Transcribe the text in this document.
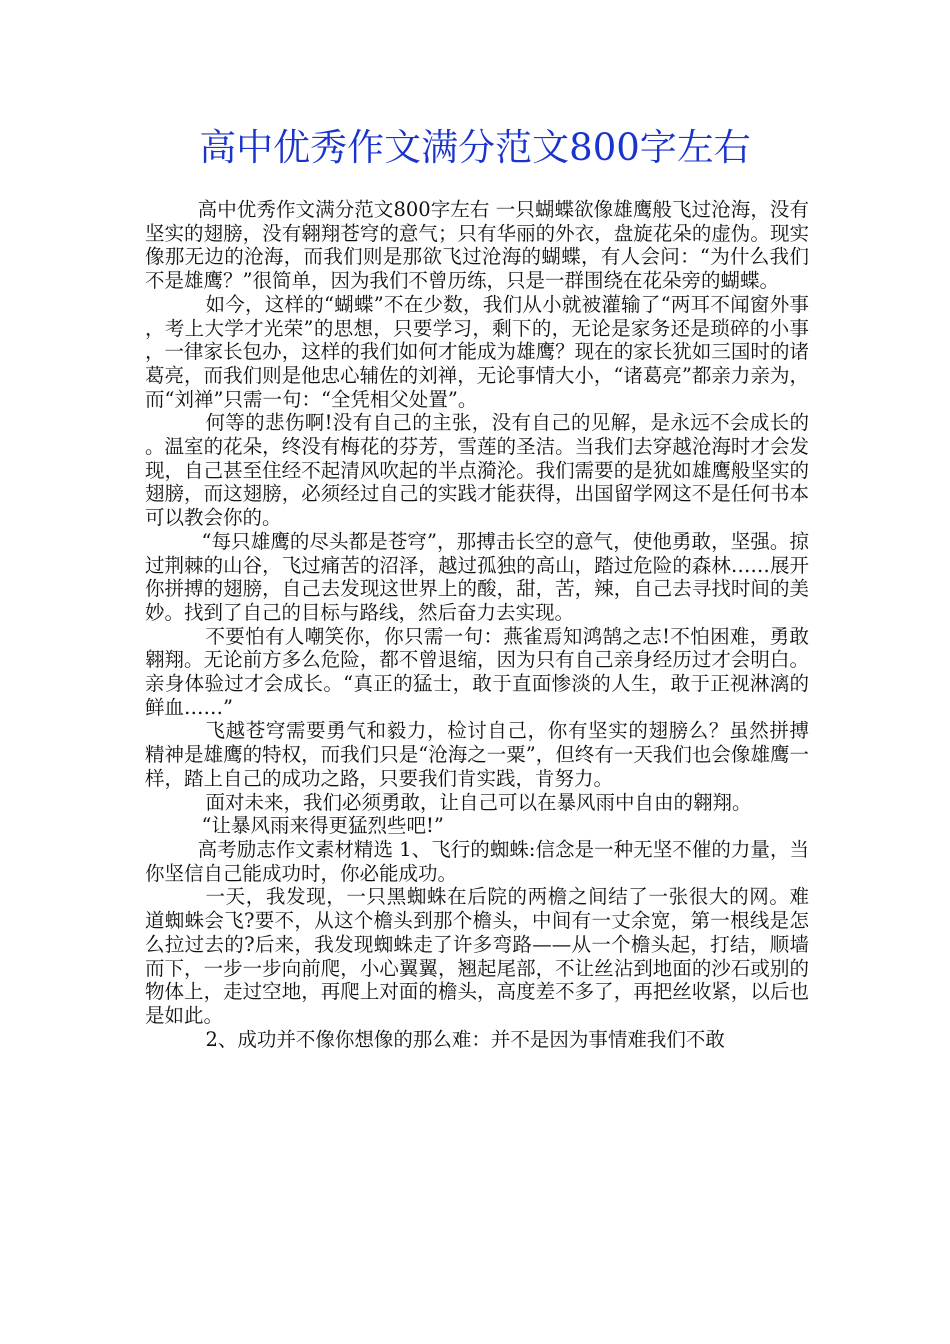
高中优秀作文满分范文800字左右

高中优秀作文满分范文800字左右 一只蝴蝶欲像雄鹰般飞过沧海，没有坚实的翅膀，没有翱翔苍穹的意气；只有华丽的外衣，盘旋花朵的虚伪。现实像那无边的沧海，而我们则是那欲飞过沧海的蝴蝶，有人会问：“为什么我们不是雄鹰？”很简单，因为我们不曾历练，只是一群围绕在花朵旁的蝴蝶。

如今，这样的“蝴蝶”不在少数，我们从小就被灌输了“两耳不闻窗外事，考上大学才光荣”的思想，只要学习，剩下的，无论是家务还是琐碎的小事，一律家长包办，这样的我们如何才能成为雄鹰？现在的家长犹如三国时的诸葛亮，而我们则是他忠心辅佐的刘禅，无论事情大小，“诸葛亮”都亲力亲为，而“刘禅”只需一句：“全凭相父处置”。

何等的悲伤啊!没有自己的主张，没有自己的见解，是永远不会成长的。温室的花朵，终没有梅花的芬芳，雪莲的圣洁。当我们去穿越沧海时才会发现，自己甚至住经不起清风吹起的半点漪沦。我们需要的是犹如雄鹰般坚实的翅膀，而这翅膀，必须经过自己的实践才能获得，出国留学网这不是任何书本可以教会你的。

“每只雄鹰的尽头都是苍穹”，那搏击长空的意气，使他勇敢，坚强。掠过荆棘的山谷，飞过痛苦的沼泽，越过孤独的高山，踏过危险的森林……展开你拼搏的翅膀，自己去发现这世界上的酸，甜，苦，辣，自己去寻找时间的美妙。找到了自己的目标与路线，然后奋力去实现。

不要怕有人嘲笑你，你只需一句：燕雀焉知鸿鹄之志!不怕困难，勇敢翱翔。无论前方多么危险，都不曾退缩，因为只有自己亲身经历过才会明白。亲身体验过才会成长。“真正的猛士，敢于直面惨淡的人生，敢于正视淋漓的鲜血……”

飞越苍穹需要勇气和毅力，检讨自己，你有坚实的翅膀么？虽然拼搏精神是雄鹰的特权，而我们只是“沧海之一粟”，但终有一天我们也会像雄鹰一样，踏上自己的成功之路，只要我们肯实践，肯努力。

面对未来，我们必须勇敢，让自己可以在暴风雨中自由的翱翔。

“让暴风雨来得更猛烈些吧!”

高考励志作文素材精选 1、飞行的蜘蛛:信念是一种无坚不催的力量，当你坚信自己能成功时，你必能成功。

一天，我发现，一只黑蜘蛛在后院的两檐之间结了一张很大的网。难道蜘蛛会飞?要不，从这个檐头到那个檐头，中间有一丈余宽，第一根线是怎么拉过去的?后来，我发现蜘蛛走了许多弯路——从一个檐头起，打结，顺墙而下，一步一步向前爬，小心翼翼，翘起尾部，不让丝沾到地面的沙石或别的物体上，走过空地，再爬上对面的檐头，高度差不多了，再把丝收紧，以后也是如此。

2、成功并不像你想像的那么难：并不是因为事情难我们不敢
